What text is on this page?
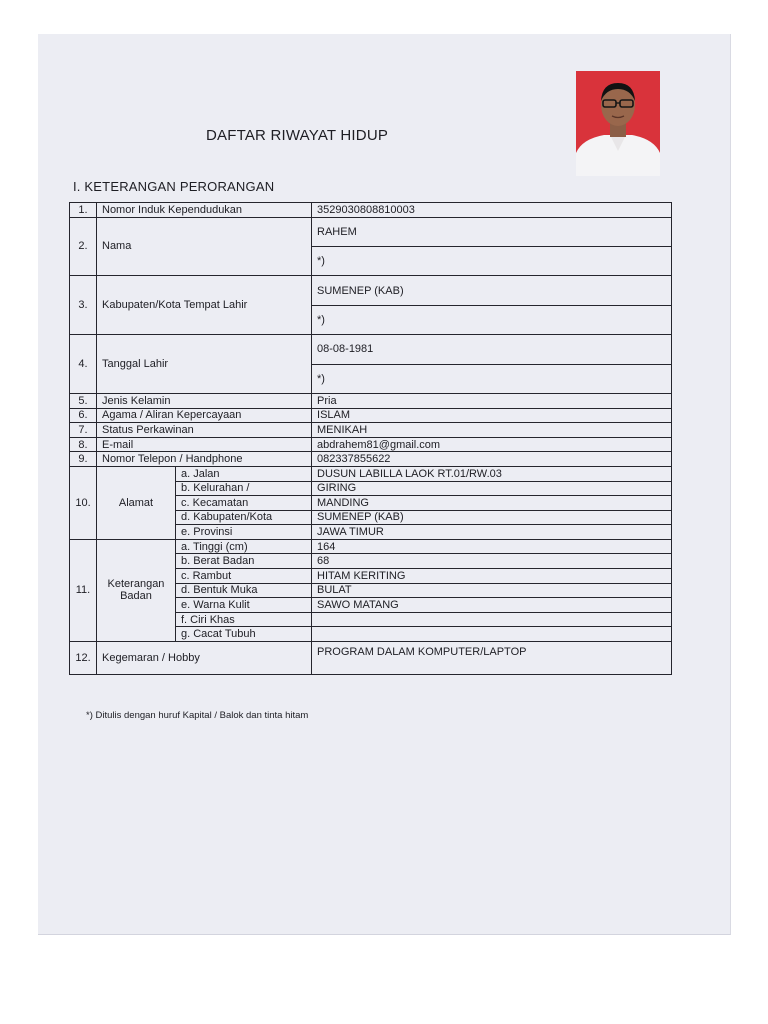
DAFTAR RIWAYAT HIDUP
I. KETERANGAN PERORANGAN
1.	Nomor Induk Kependudukan		3529030808810003
2.	Nama		RAHEM
			*)
3.	Kabupaten/Kota Tempat Lahir		SUMENEP (KAB)
			*)
4.	Tanggal Lahir		08-08-1981
			*)
5.	Jenis Kelamin		Pria
6.	Agama / Aliran Kepercayaan		ISLAM
7.	Status Perkawinan		MENIKAH
8.	E-mail		abdrahem81@gmail.com
9.	Nomor Telepon / Handphone		082337855622
10.	Alamat	a. Jalan	DUSUN LABILLA LAOK RT.01/RW.03
		b. Kelurahan /	GIRING
		c. Kecamatan	MANDING
		d. Kabupaten/Kota	SUMENEP (KAB)
		e. Provinsi	JAWA TIMUR
11.	Keterangan
Badan	a. Tinggi (cm)	164
		b. Berat Badan	68
		c. Rambut	HITAM KERITING
		d. Bentuk Muka	BULAT
		e. Warna Kulit	SAWO MATANG
		f. Ciri Khas	
		g. Cacat Tubuh	
12.	Kegemaran / Hobby		PROGRAM DALAM KOMPUTER/LAPTOP
*) Ditulis dengan huruf Kapital / Balok dan tinta hitam
